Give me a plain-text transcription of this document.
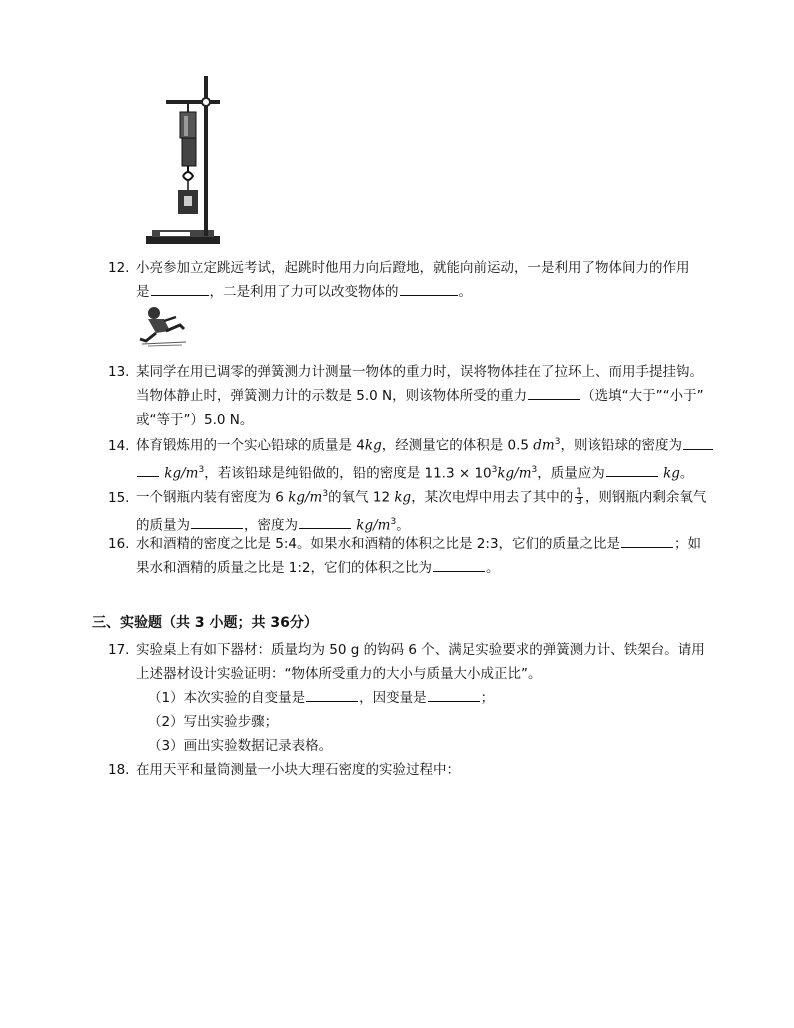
12. 小亮参加立定跳远考试，起跳时他用力向后蹬地，就能向前运动，一是利用了物体间力的作用
是	，二是利用了力可以改变物体的	。
13. 某同学在用已调零的弹簧测力计测量一物体的重力时，误将物体挂在了拉环上、而用手提挂钩。
当物体静止时，弹簧测力计的示数是 5.0 N，则该物体所受的重力	（选填“大于”“小于”
或“等于”）5.0 N。
14. 体育锻炼用的一个实心铅球的质量是 4kg，经测量它的体积是 0.5 $dm^3$，则该铅球的密度为
$kg/m^3$，若该铅球是纯铅做的，铅的密度是 $11.3 \times 10^3kg/m^3$，质量应为	kg。
15. 一个钢瓶内装有密度为 6 $kg/m^3$的氧气 12 kg，某次电焊中用去了其中的 $\frac{1}{3}$ ，则钢瓶内剩余氧气
的质量为	，密度为	$kg/m^3$。
16. 水和酒精的密度之比是 5:4。如果水和酒精的体积之比是 2:3，它们的质量之比是	；如
果水和酒精的质量之比是 1:2，它们的体积之比为	。
三、实验题（共 3 小题；共 36分）
17. 实验桌上有如下器材：质量均为 50 g 的钩码 6 个、满足实验要求的弹簧测力计、铁架台。请用
上述器材设计实验证明：“物体所受重力的大小与质量大小成正比”。
（1）本次实验的自变量是	，因变量是	；
（2）写出实验步骤；
（3）画出实验数据记录表格。
18. 在用天平和量筒测量一小块大理石密度的实验过程中：
